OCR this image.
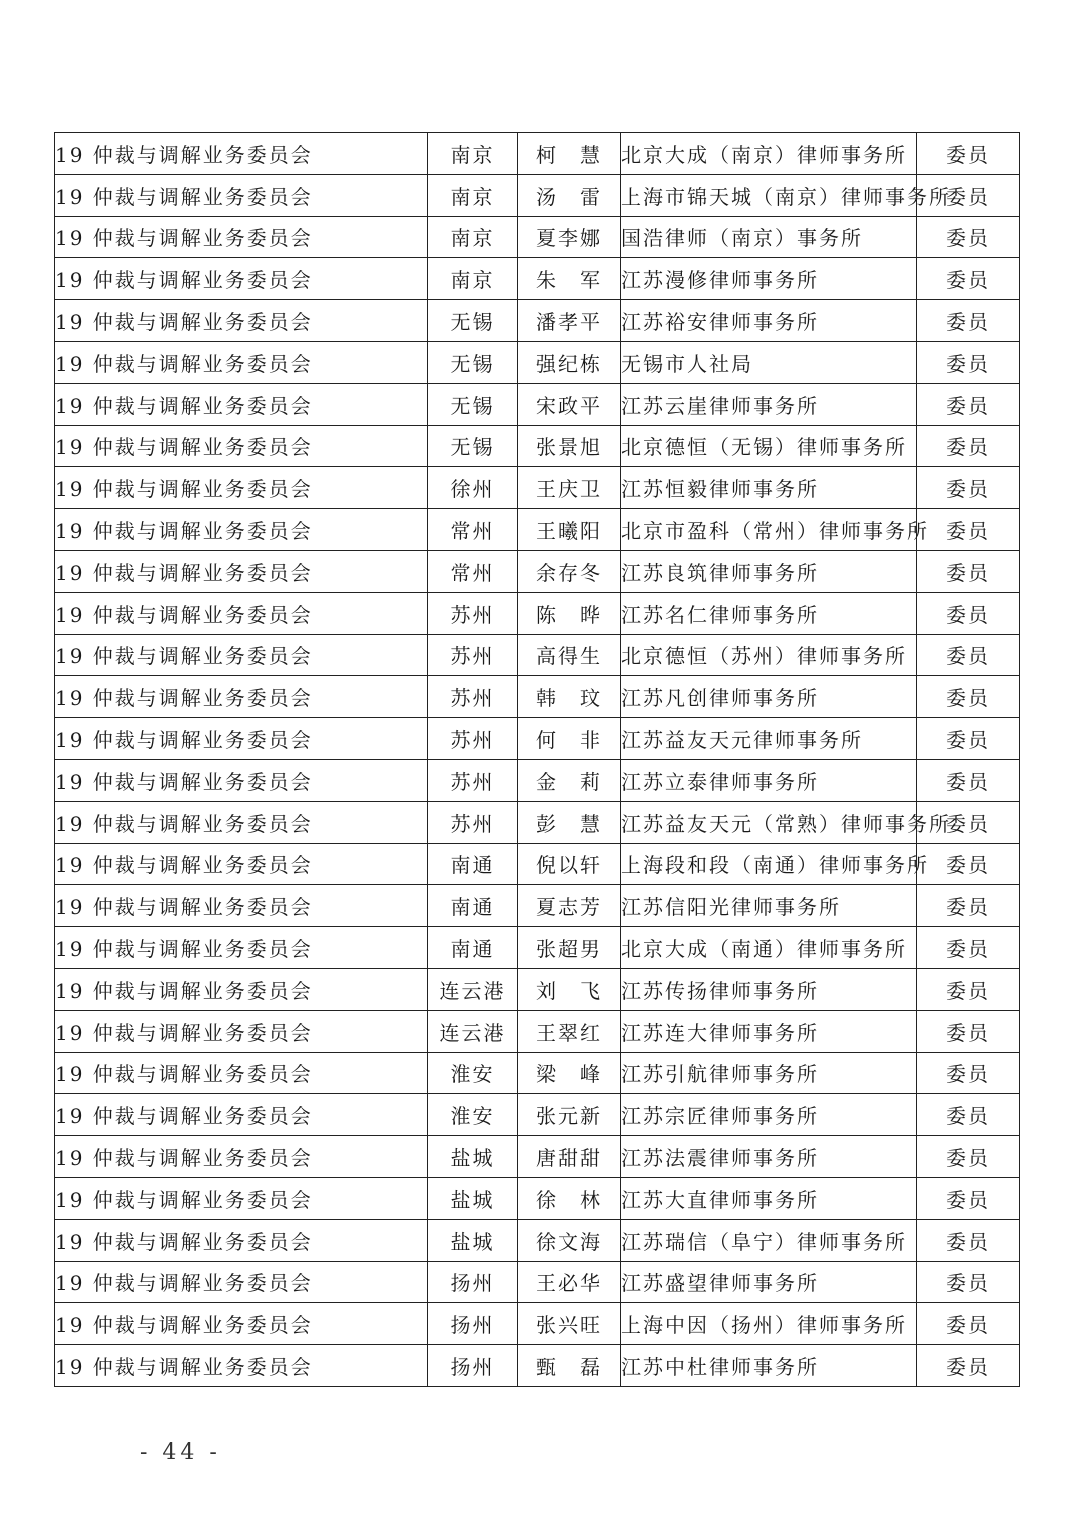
19 仲裁与调解业务委员会	南京	柯　慧	北京大成（南京）律师事务所	委员
19 仲裁与调解业务委员会	南京	汤　雷	上海市锦天城（南京）律师事务所	委员
19 仲裁与调解业务委员会	南京	夏李娜	国浩律师（南京）事务所	委员
19 仲裁与调解业务委员会	南京	朱　军	江苏漫修律师事务所	委员
19 仲裁与调解业务委员会	无锡	潘孝平	江苏裕安律师事务所	委员
19 仲裁与调解业务委员会	无锡	强纪栋	无锡市人社局	委员
19 仲裁与调解业务委员会	无锡	宋政平	江苏云崖律师事务所	委员
19 仲裁与调解业务委员会	无锡	张景旭	北京德恒（无锡）律师事务所	委员
19 仲裁与调解业务委员会	徐州	王庆卫	江苏恒毅律师事务所	委员
19 仲裁与调解业务委员会	常州	王曦阳	北京市盈科（常州）律师事务所	委员
19 仲裁与调解业务委员会	常州	余存冬	江苏良筑律师事务所	委员
19 仲裁与调解业务委员会	苏州	陈　晔	江苏名仁律师事务所	委员
19 仲裁与调解业务委员会	苏州	高得生	北京德恒（苏州）律师事务所	委员
19 仲裁与调解业务委员会	苏州	韩　玟	江苏凡创律师事务所	委员
19 仲裁与调解业务委员会	苏州	何　非	江苏益友天元律师事务所	委员
19 仲裁与调解业务委员会	苏州	金　莉	江苏立泰律师事务所	委员
19 仲裁与调解业务委员会	苏州	彭　慧	江苏益友天元（常熟）律师事务所	委员
19 仲裁与调解业务委员会	南通	倪以轩	上海段和段（南通）律师事务所	委员
19 仲裁与调解业务委员会	南通	夏志芳	江苏信阳光律师事务所	委员
19 仲裁与调解业务委员会	南通	张超男	北京大成（南通）律师事务所	委员
19 仲裁与调解业务委员会	连云港	刘　飞	江苏传扬律师事务所	委员
19 仲裁与调解业务委员会	连云港	王翠红	江苏连大律师事务所	委员
19 仲裁与调解业务委员会	淮安	梁　峰	江苏引航律师事务所	委员
19 仲裁与调解业务委员会	淮安	张元新	江苏宗匠律师事务所	委员
19 仲裁与调解业务委员会	盐城	唐甜甜	江苏法震律师事务所	委员
19 仲裁与调解业务委员会	盐城	徐　林	江苏大直律师事务所	委员
19 仲裁与调解业务委员会	盐城	徐文海	江苏瑞信（阜宁）律师事务所	委员
19 仲裁与调解业务委员会	扬州	王必华	江苏盛望律师事务所	委员
19 仲裁与调解业务委员会	扬州	张兴旺	上海中因（扬州）律师事务所	委员
19 仲裁与调解业务委员会	扬州	甄　磊	江苏中杜律师事务所	委员
- 44 -
